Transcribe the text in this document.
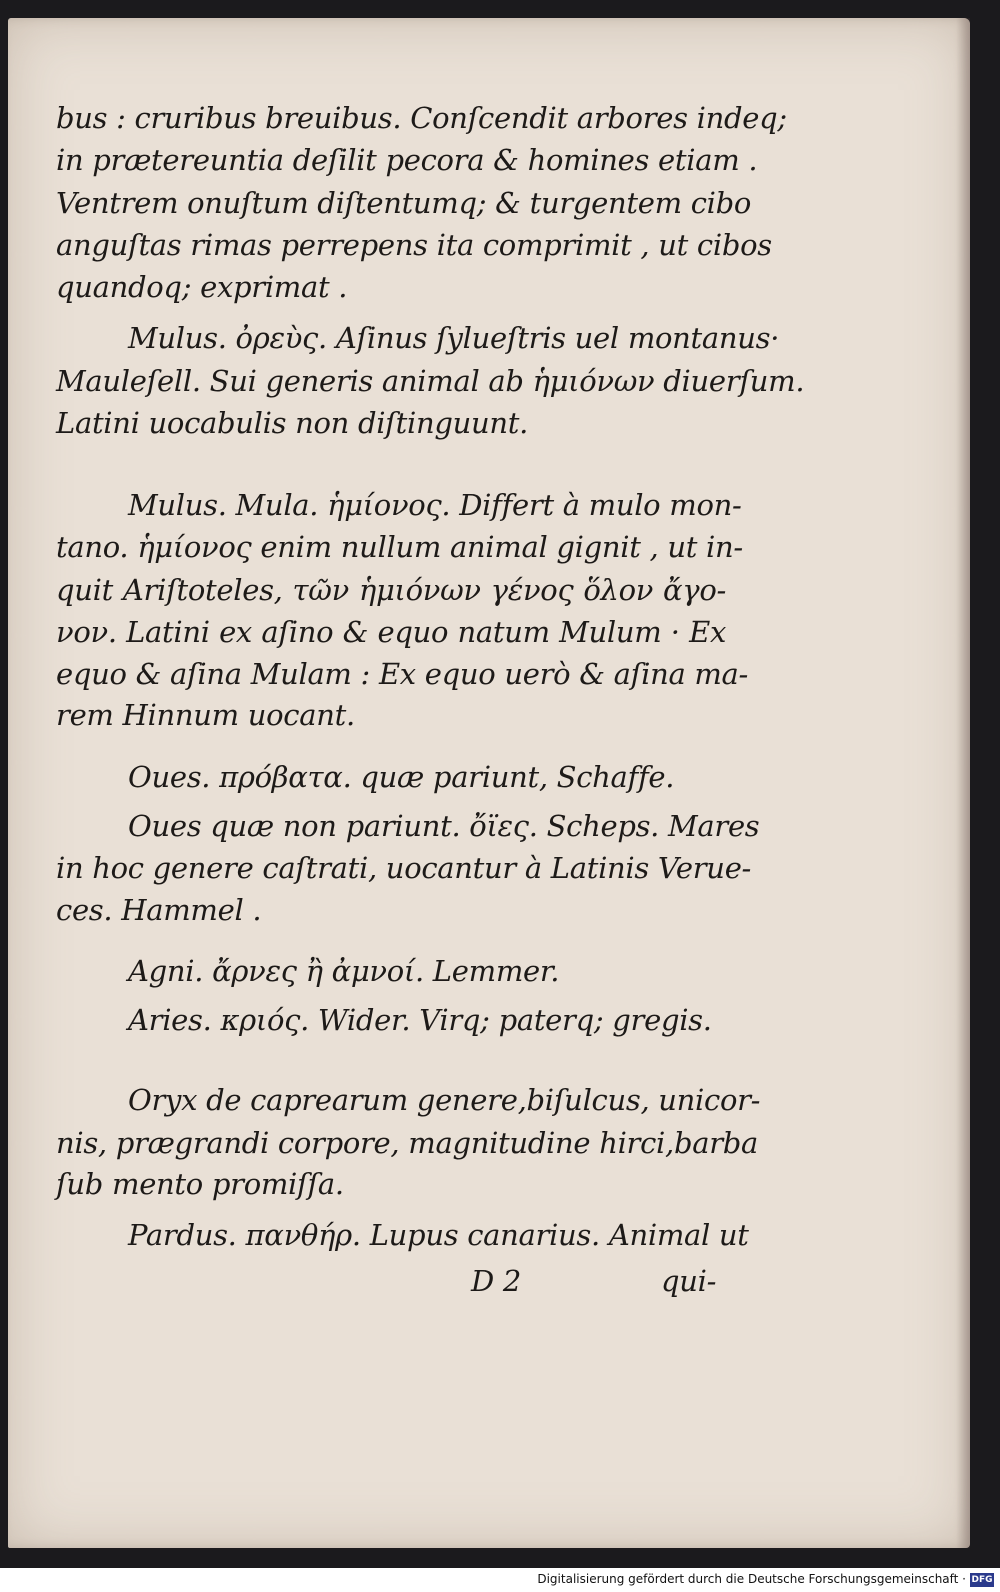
bus : cruribus breuibus. Conſcendit arbores indeq;
in prætereuntia deſilit pecora & homines etiam .
Ventrem onuſtum diſtentumq; & turgentem cibo
anguſtas rimas perrepens ita comprimit , ut cibos
quandoq; exprimat .
Mulus. ὀρεὺς. Aſinus ſylueſtris uel montanus·
Mauleſell. Sui generis animal ab ἡμιόνων diuerſum.
Latini uocabulis non diſtinguunt.
Mulus. Mula. ἡμίονος. Differt à mulo mon-
tano. ἡμίονος enim nullum animal gignit , ut in-
quit Ariſtoteles, τῶν ἡμιόνων γένος ὅλον ἄγο-
νον. Latini ex aſino & equo natum Mulum · Ex
equo & aſina Mulam : Ex equo uerò & aſina ma-
rem Hinnum uocant.
Oues. πρόβατα. quæ pariunt, Schaffe.
Oues quæ non pariunt. ὄϊες. Scheps. Mares
in hoc genere caſtrati, uocantur à Latinis Verue-
ces. Hammel .
Agni. ἄρνες ἢ ἀμνοί. Lemmer.
Aries. κριός. Wider. Virq; paterq; gregis.
Oryx de caprearum genere,biſulcus, unicor-
nis, prægrandi corpore, magnitudine hirci,barba
ſub mento promiſſa.
Pardus. πανθήρ. Lupus canarius. Animal ut
D 2	qui-
Digitalisierung gefördert durch die Deutsche Forschungsgemeinschaft · DFG
